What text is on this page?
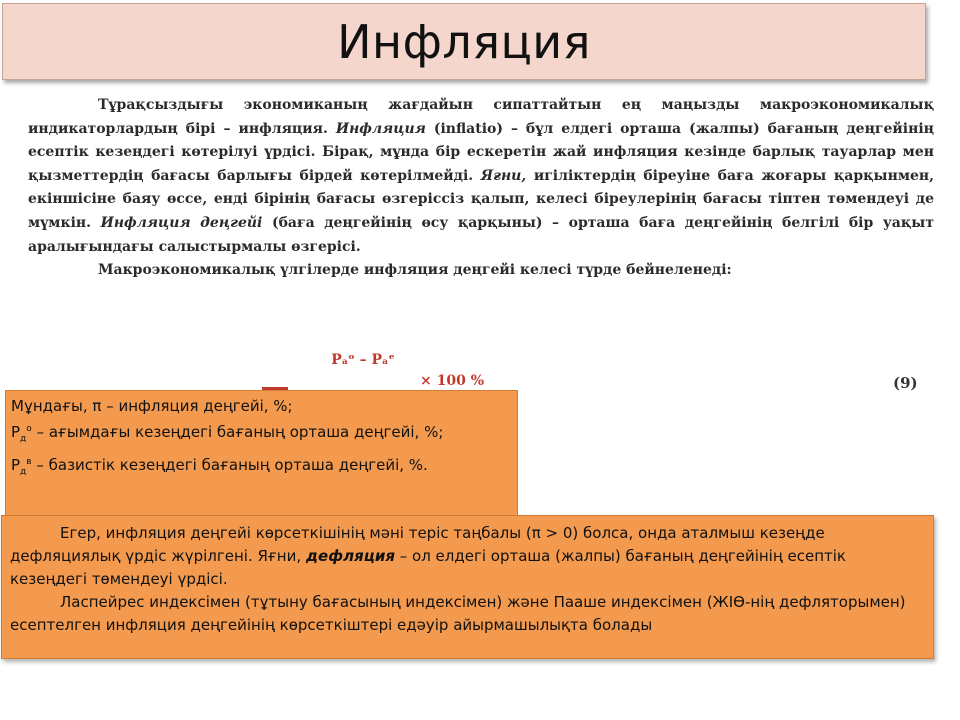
Инфляция

Тұрақсыздығы экономиканың жағдайын сипаттайтын ең маңызды макроэкономикалық индикаторлардың бірі – инфляция. Инфляция (inflatio) – бұл елдегі орташа (жалпы) бағаның деңгейінің есептік кезеңдегі көтерілуі үрдісі. Бірақ, мұнда бір ескеретін жай инфляция кезінде барлық тауарлар мен қызметтердің бағасы барлығы бірдей көтерілмейді. Яғни, игіліктердің біреуіне баға жоғары қарқынмен, екіншісіне баяу өссе, енді бірінің бағасы өзгеріссіз қалып, келесі біреулерінің бағасы тіптен төмендеуі де мүмкін. Инфляция деңгейі (баға деңгейінің өсу қарқыны) – орташа баға деңгейінің белгілі бір уақыт аралығындағы салыстырмалы өзгерісі.

Макроэкономикалық үлгілерде инфляция деңгейі келесі түрде бейнеленеді:

Pₐᵒ – Pₐᵉ
× 100 %	(9)
Мұндағы, π – инфляция деңгейі, %;
$P_д^о$ – ағымдағы кезеңдегі бағаның орташа деңгейі, %;
$P_д^в$ – базистік кезеңдегі бағаның орташа деңгейі, %.

Егер, инфляция деңгейі көрсеткішінің мәні теріс таңбалы (π > 0) болса, онда аталмыш кезеңде дефляциялық үрдіс жүрілгені. Яғни, дефляция – ол елдегі орташа (жалпы) бағаның деңгейінің есептік кезеңдегі төмендеуі үрдісі.

Ласпейрес индексімен (тұтыну бағасының индексімен) және Пааше индексімен (ЖІӨ-нің дефляторымен) есептелген инфляция деңгейінің көрсеткіштері едәуір айырмашылықта болады
